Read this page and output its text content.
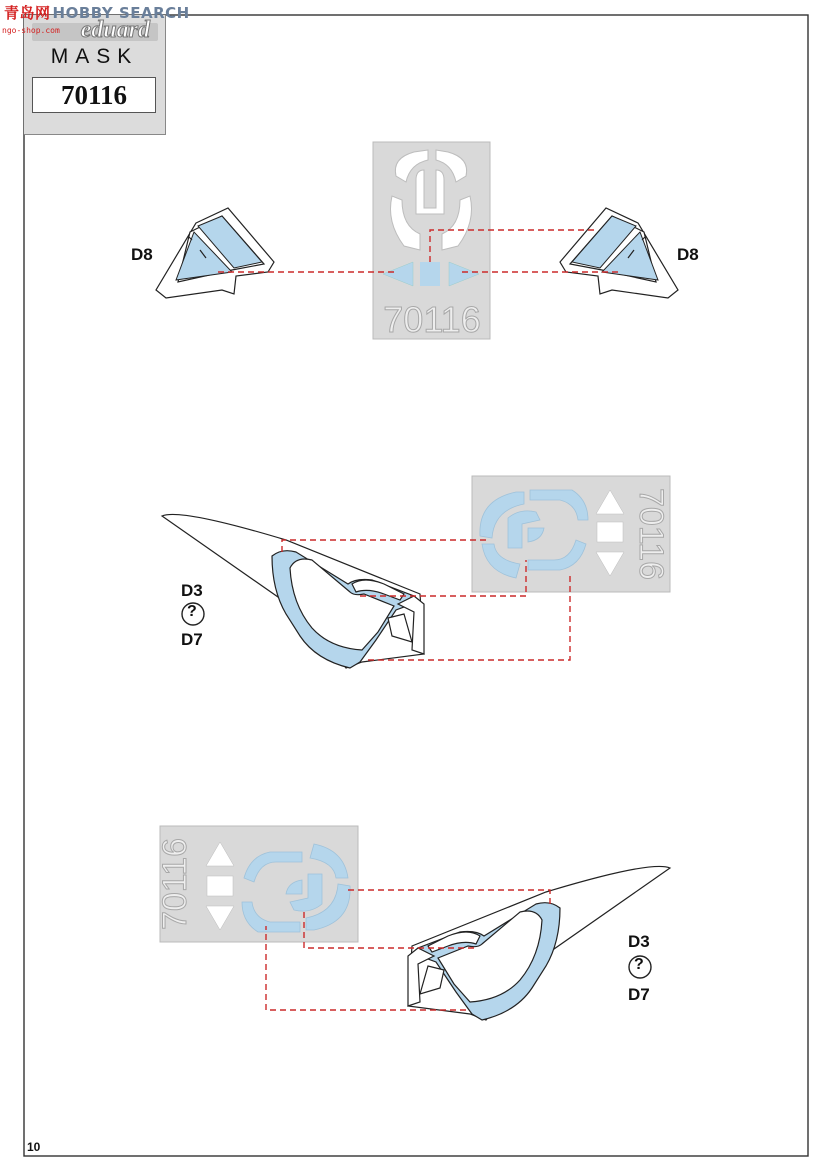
70116
70116
70116
eduard
MASK
70116
青岛网 HOBBY SEARCH
ngo-shop.com
D8	D8
D3
?
D7
D3
?
D7
10
